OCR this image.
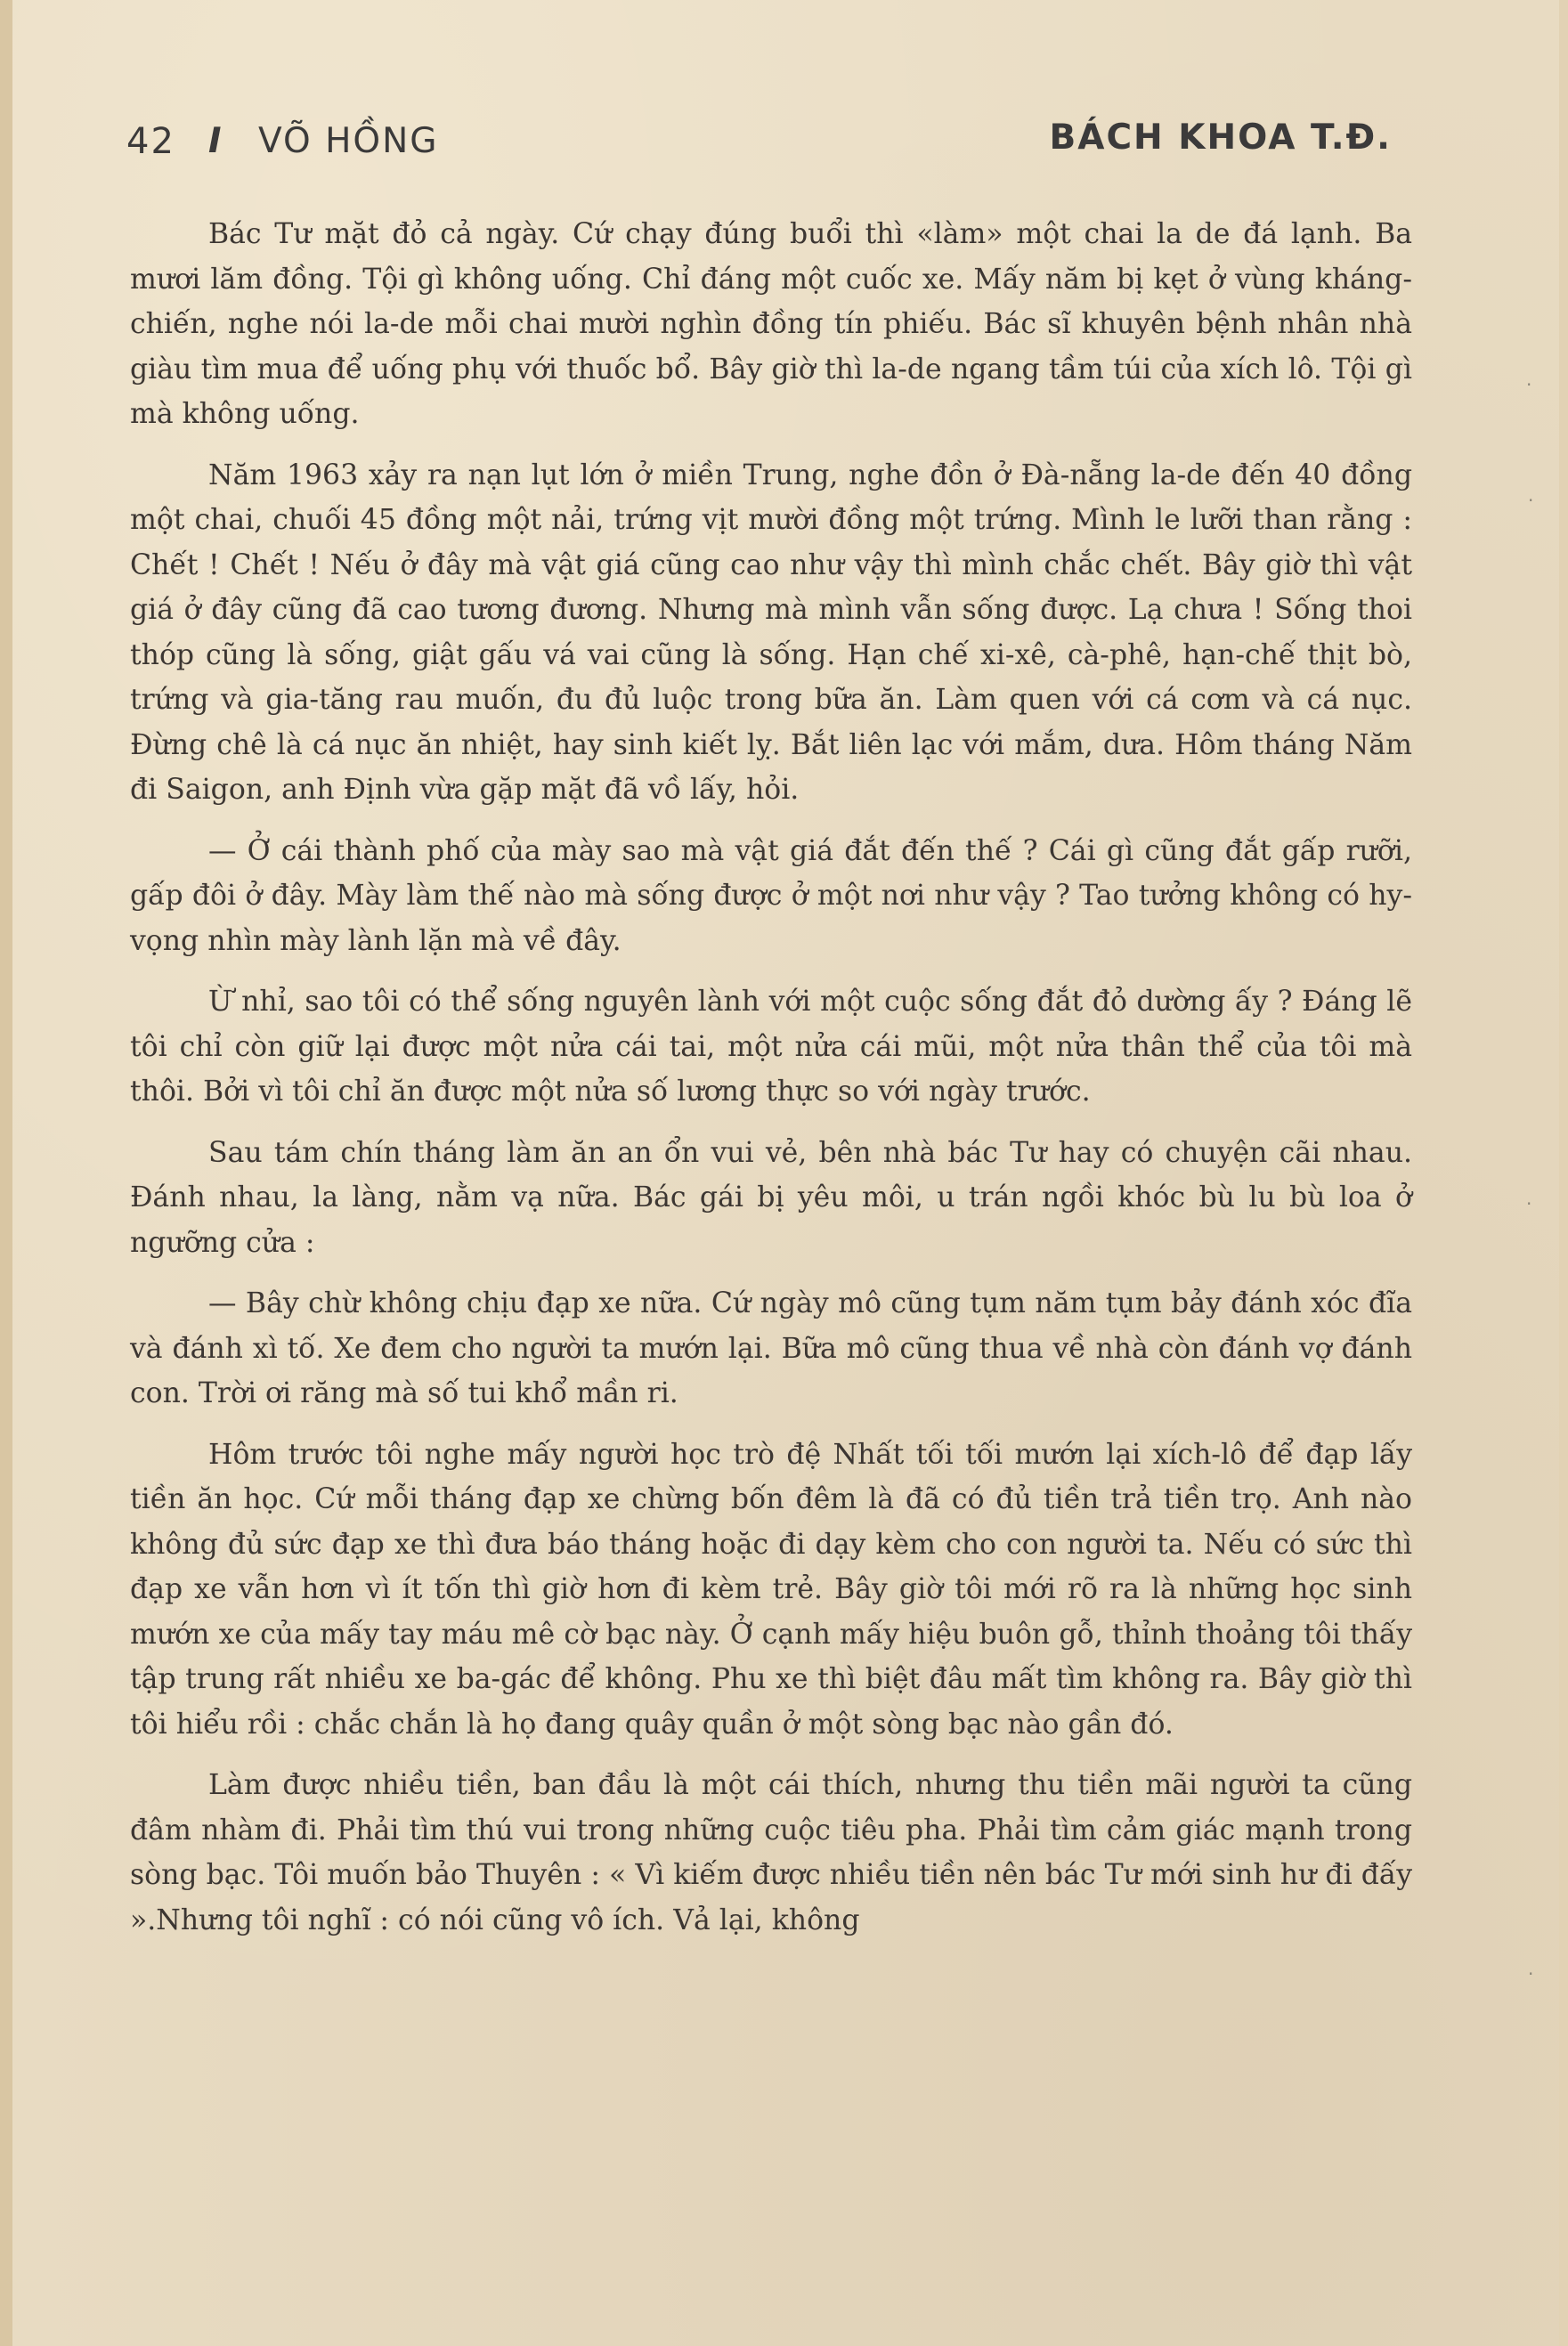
42 I VÕ HỒNG	BÁCH KHOA T.Đ.

Bác Tư mặt đỏ cả ngày. Cứ chạy đúng buổi thì «làm» một chai la de đá lạnh. Ba mươi lăm đồng. Tội gì không uống. Chỉ đáng một cuốc xe. Mấy năm bị kẹt ở vùng kháng-chiến, nghe nói la-de mỗi chai mười nghìn đồng tín phiếu. Bác sĩ khuyên bệnh nhân nhà giàu tìm mua để uống phụ với thuốc bổ. Bây giờ thì la-de ngang tầm túi của xích lô. Tội gì mà không uống.

Năm 1963 xảy ra nạn lụt lớn ở miền Trung, nghe đồn ở Đà-nẵng la-de đến 40 đồng một chai, chuối 45 đồng một nải, trứng vịt mười đồng một trứng. Mình le lưỡi than rằng : Chết ! Chết ! Nếu ở đây mà vật giá cũng cao như vậy thì mình chắc chết. Bây giờ thì vật giá ở đây cũng đã cao tương đương. Nhưng mà mình vẫn sống được. Lạ chưa ! Sống thoi thóp cũng là sống, giật gấu vá vai cũng là sống. Hạn chế xi-xê, cà-phê, hạn-chế thịt bò, trứng và gia-tăng rau muốn, đu đủ luộc trong bữa ăn. Làm quen với cá cơm và cá nục. Đừng chê là cá nục ăn nhiệt, hay sinh kiết lỵ. Bắt liên lạc với mắm, dưa. Hôm tháng Năm đi Saigon, anh Định vừa gặp mặt đã vồ lấy, hỏi.

— Ở cái thành phố của mày sao mà vật giá đắt đến thế ? Cái gì cũng đắt gấp rưỡi, gấp đôi ở đây. Mày làm thế nào mà sống được ở một nơi như vậy ? Tao tưởng không có hy-vọng nhìn mày lành lặn mà về đây.

Ừ nhỉ, sao tôi có thể sống nguyên lành với một cuộc sống đắt đỏ dường ấy ? Đáng lẽ tôi chỉ còn giữ lại được một nửa cái tai, một nửa cái mũi, một nửa thân thể của tôi mà thôi. Bởi vì tôi chỉ ăn được một nửa số lương thực so với ngày trước.

Sau tám chín tháng làm ăn an ổn vui vẻ, bên nhà bác Tư hay có chuyện cãi nhau. Đánh nhau, la làng, nằm vạ nữa. Bác gái bị yêu môi, u trán ngồi khóc bù lu bù loa ở ngưỡng cửa :

— Bây chừ không chịu đạp xe nữa. Cứ ngày mô cũng tụm năm tụm bảy đánh xóc đĩa và đánh xì tố. Xe đem cho người ta mướn lại. Bữa mô cũng thua về nhà còn đánh vợ đánh con. Trời ơi răng mà số tui khổ mần ri.

Hôm trước tôi nghe mấy người học trò đệ Nhất tối tối mướn lại xích-lô để đạp lấy tiền ăn học. Cứ mỗi tháng đạp xe chừng bốn đêm là đã có đủ tiền trả tiền trọ. Anh nào không đủ sức đạp xe thì đưa báo tháng hoặc đi dạy kèm cho con người ta. Nếu có sức thì đạp xe vẫn hơn vì ít tốn thì giờ hơn đi kèm trẻ. Bây giờ tôi mới rõ ra là những học sinh mướn xe của mấy tay máu mê cờ bạc này. Ở cạnh mấy hiệu buôn gỗ, thỉnh thoảng tôi thấy tập trung rất nhiều xe ba-gác để không. Phu xe thì biệt đâu mất tìm không ra. Bây giờ thì tôi hiểu rồi : chắc chắn là họ đang quây quần ở một sòng bạc nào gần đó.

Làm được nhiều tiền, ban đầu là một cái thích, nhưng thu tiền mãi người ta cũng đâm nhàm đi. Phải tìm thú vui trong những cuộc tiêu pha. Phải tìm cảm giác mạnh trong sòng bạc. Tôi muốn bảo Thuyên : « Vì kiếm được nhiều tiền nên bác Tư mới sinh hư đi đấy ».Nhưng tôi nghĩ : có nói cũng vô ích. Vả lại, không

·
·
·
·
